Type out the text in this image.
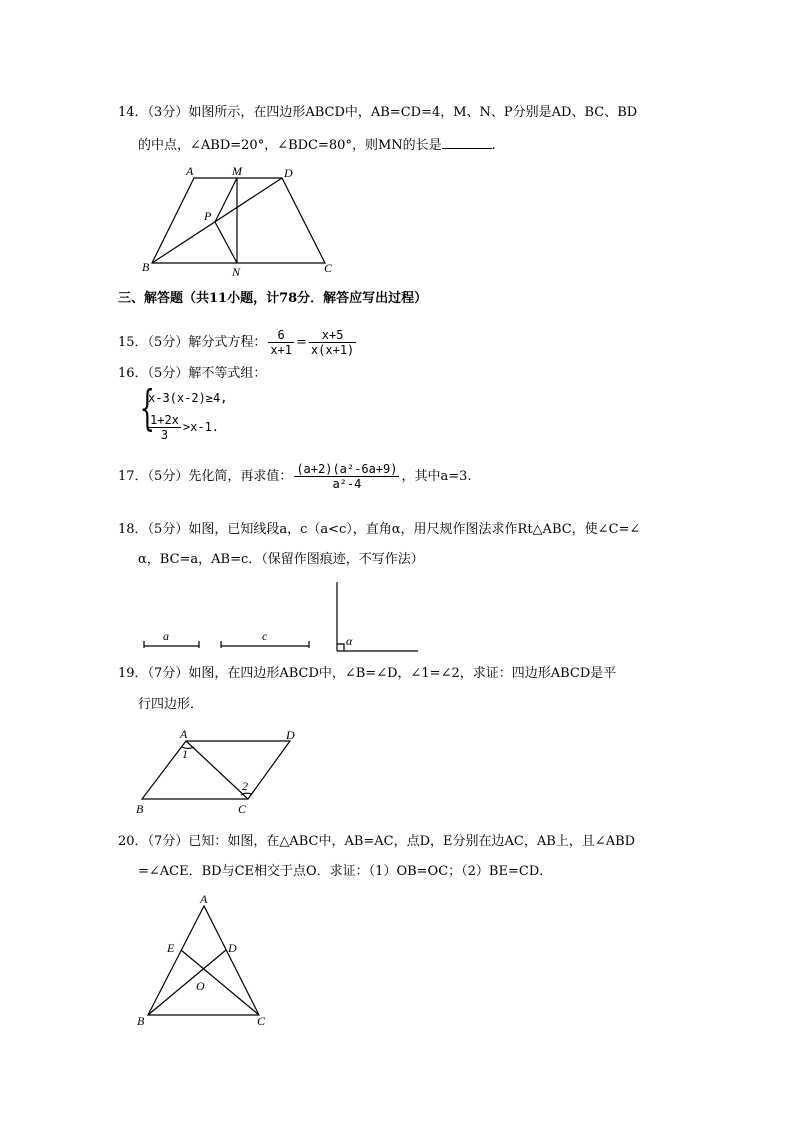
14．（3分）如图所示，在四边形ABCD中，AB=CD=4，M、N、P分别是AD、BC、BD
的中点，∠ABD=20°，∠BDC=80°，则MN的长是	.
A	M	D
P
B	N	C
三、解答题（共11小题，计78分．解答应写出过程）
15．（5分）解分式方程： $\frac{6}{x+1} = \frac{x+5}{x(x+1)}$
16．（5分）解不等式组：
{
x-3(x-2)≥4,
$\frac{1+2x}{3} >x-1$.
17．（5分）先化简，再求值： $\frac{\text{(a+2)(a²-6a+9)}}{\text{a²-4}}$ ，其中a=3.
18．（5分）如图，已知线段a，c（a<c），直角α，用尺规作图法求作Rt△ABC，使∠C=∠
α，BC=a，AB=c．（保留作图痕迹，不写作法）
a	c	α
19．（7分）如图，在四边形ABCD中，∠B=∠D，∠1=∠2，求证：四边形ABCD是平
行四边形．
A	D
B	C
1
2
20．（7分）已知：如图，在△ABC中，AB=AC，点D，E分别在边AC，AB上，且∠ABD
=∠ACE．BD与CE相交于点O．求证：（1）OB=OC；（2）BE=CD．
A
E	D
O
B	C
